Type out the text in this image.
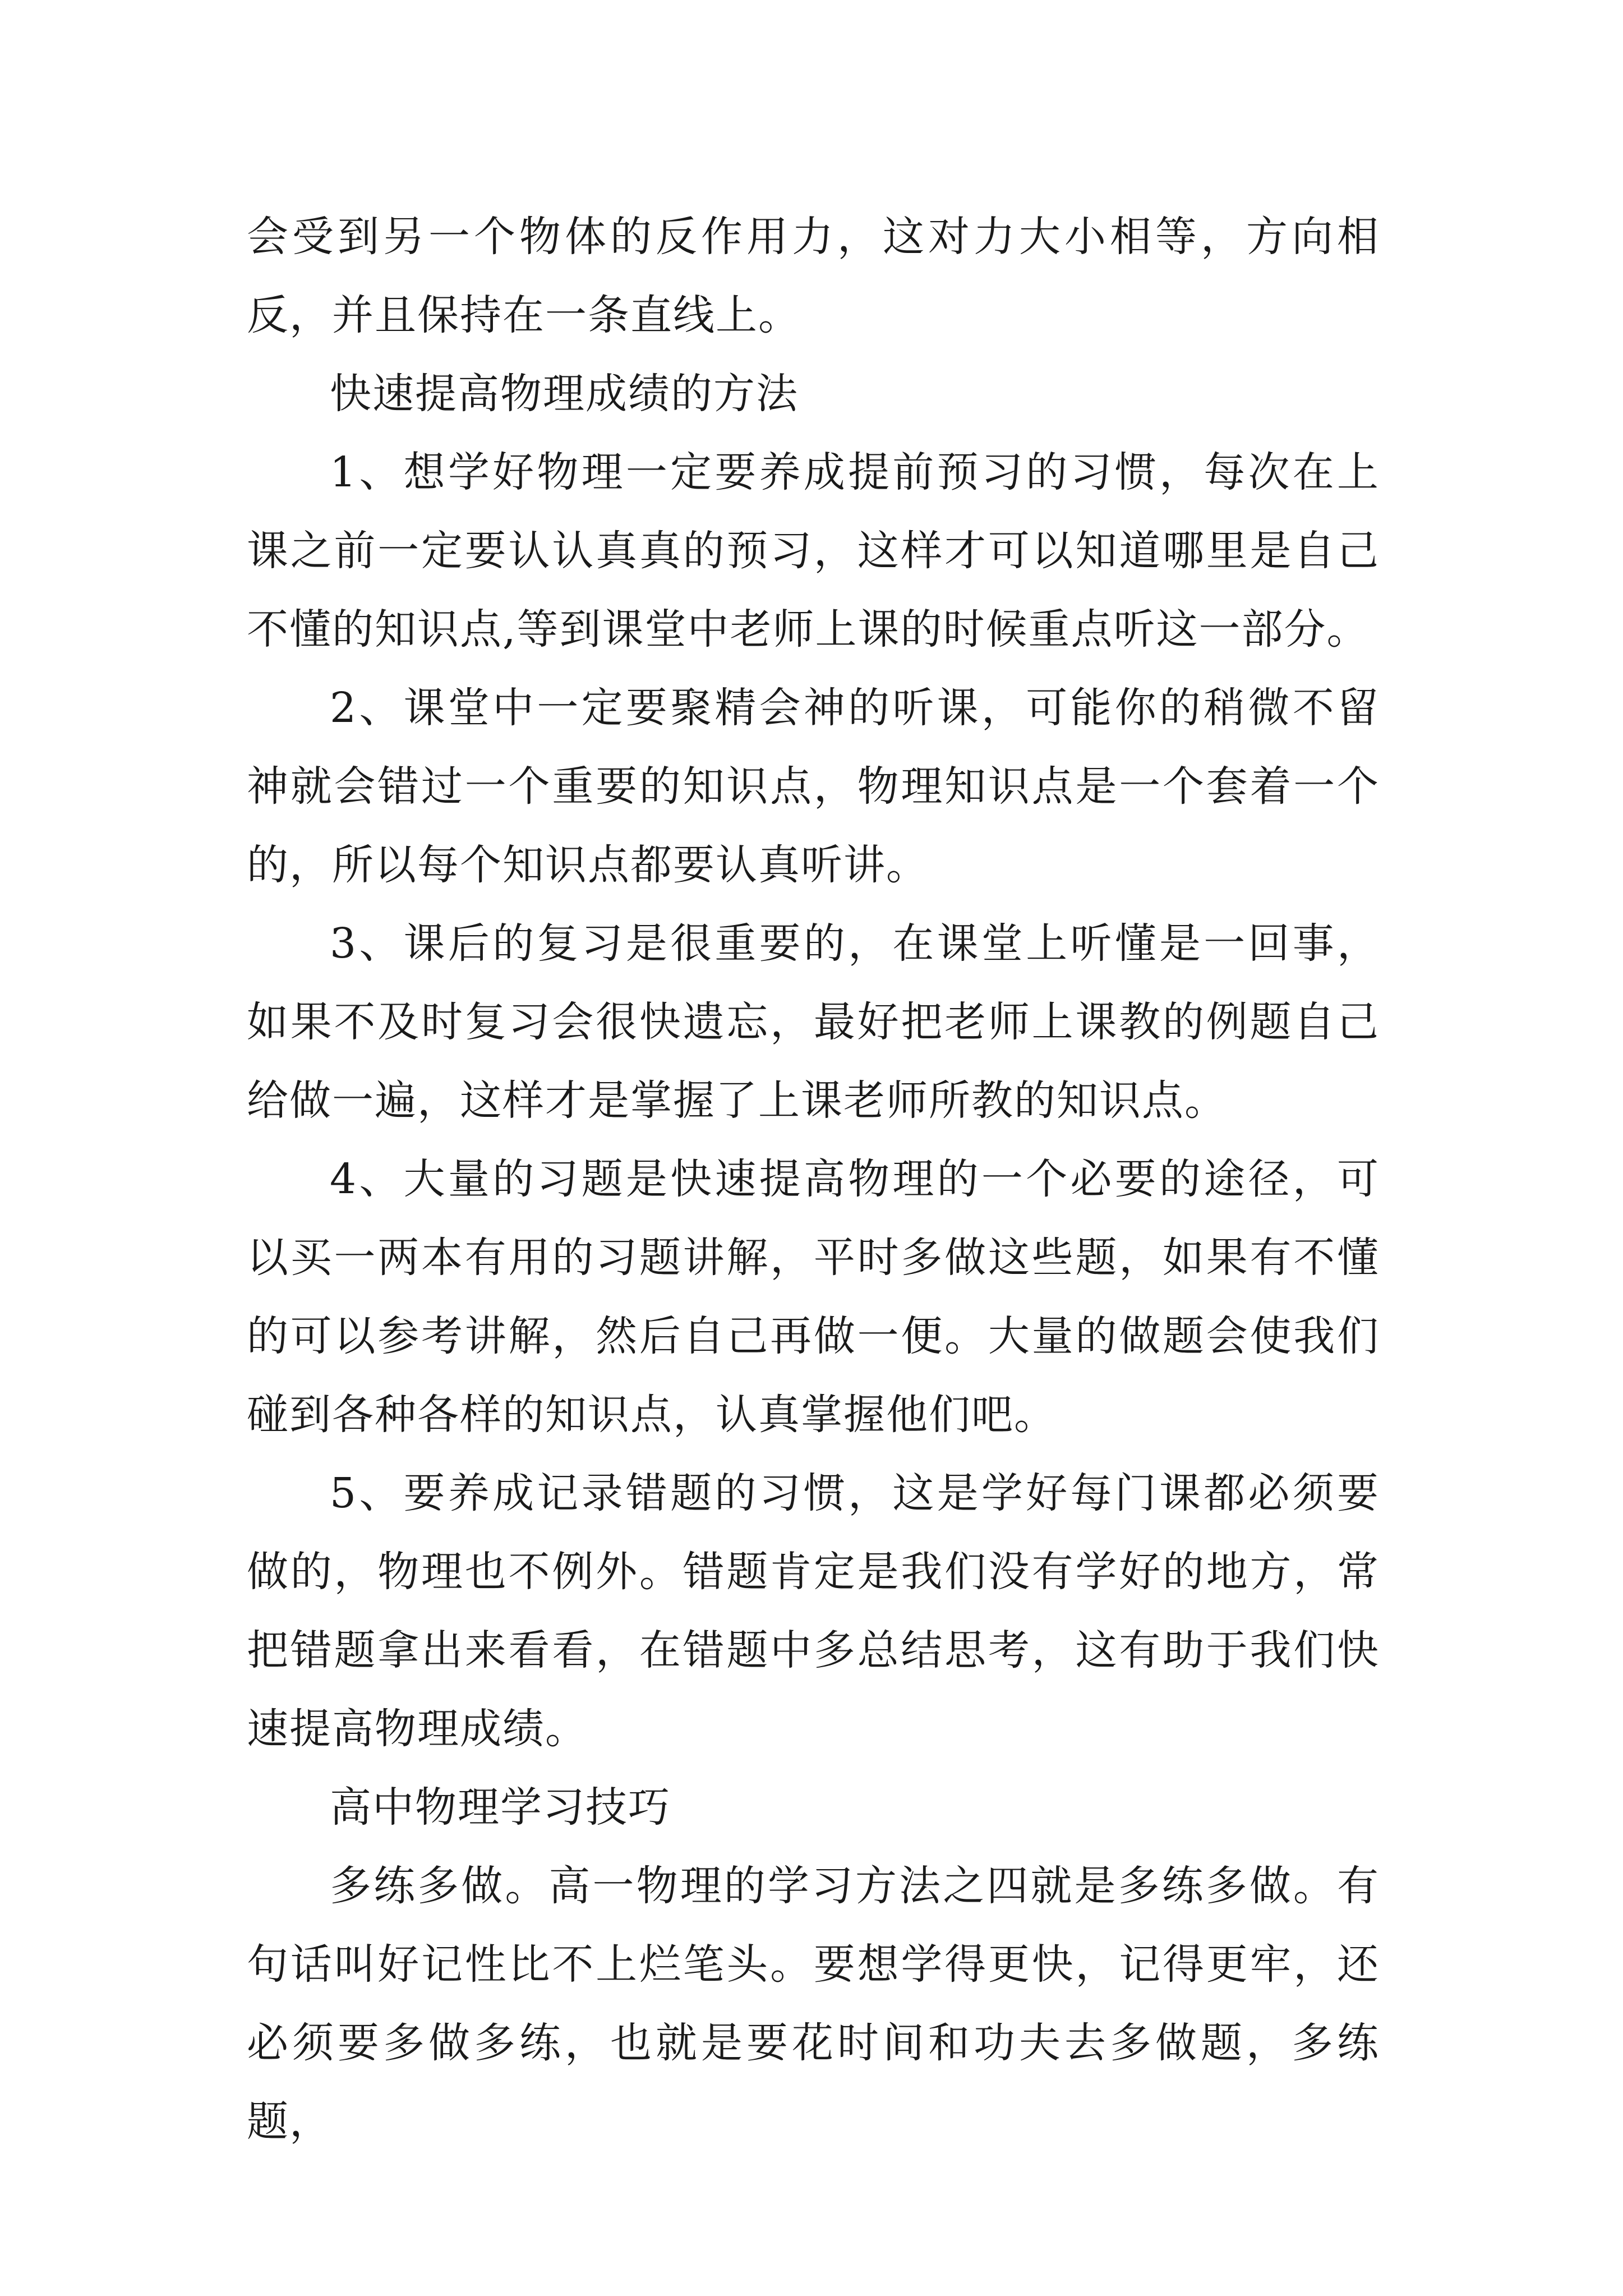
会受到另一个物体的反作用力，这对力大小相等，方向相反，并且保持在一条直线上。

快速提高物理成绩的方法

1、想学好物理一定要养成提前预习的习惯，每次在上课之前一定要认认真真的预习，这样才可以知道哪里是自己不懂的知识点,等到课堂中老师上课的时候重点听这一部分。

2、课堂中一定要聚精会神的听课，可能你的稍微不留神就会错过一个重要的知识点，物理知识点是一个套着一个的，所以每个知识点都要认真听讲。

3、课后的复习是很重要的，在课堂上听懂是一回事，如果不及时复习会很快遗忘，最好把老师上课教的例题自己给做一遍，这样才是掌握了上课老师所教的知识点。

4、大量的习题是快速提高物理的一个必要的途径，可以买一两本有用的习题讲解，平时多做这些题，如果有不懂的可以参考讲解，然后自己再做一便。大量的做题会使我们碰到各种各样的知识点，认真掌握他们吧。

5、要养成记录错题的习惯，这是学好每门课都必须要做的，物理也不例外。错题肯定是我们没有学好的地方，常把错题拿出来看看，在错题中多总结思考，这有助于我们快速提高物理成绩。

高中物理学习技巧

多练多做。高一物理的学习方法之四就是多练多做。有句话叫好记性比不上烂笔头。要想学得更快，记得更牢，还必须要多做多练，也就是要花时间和功夫去多做题，多练题，
